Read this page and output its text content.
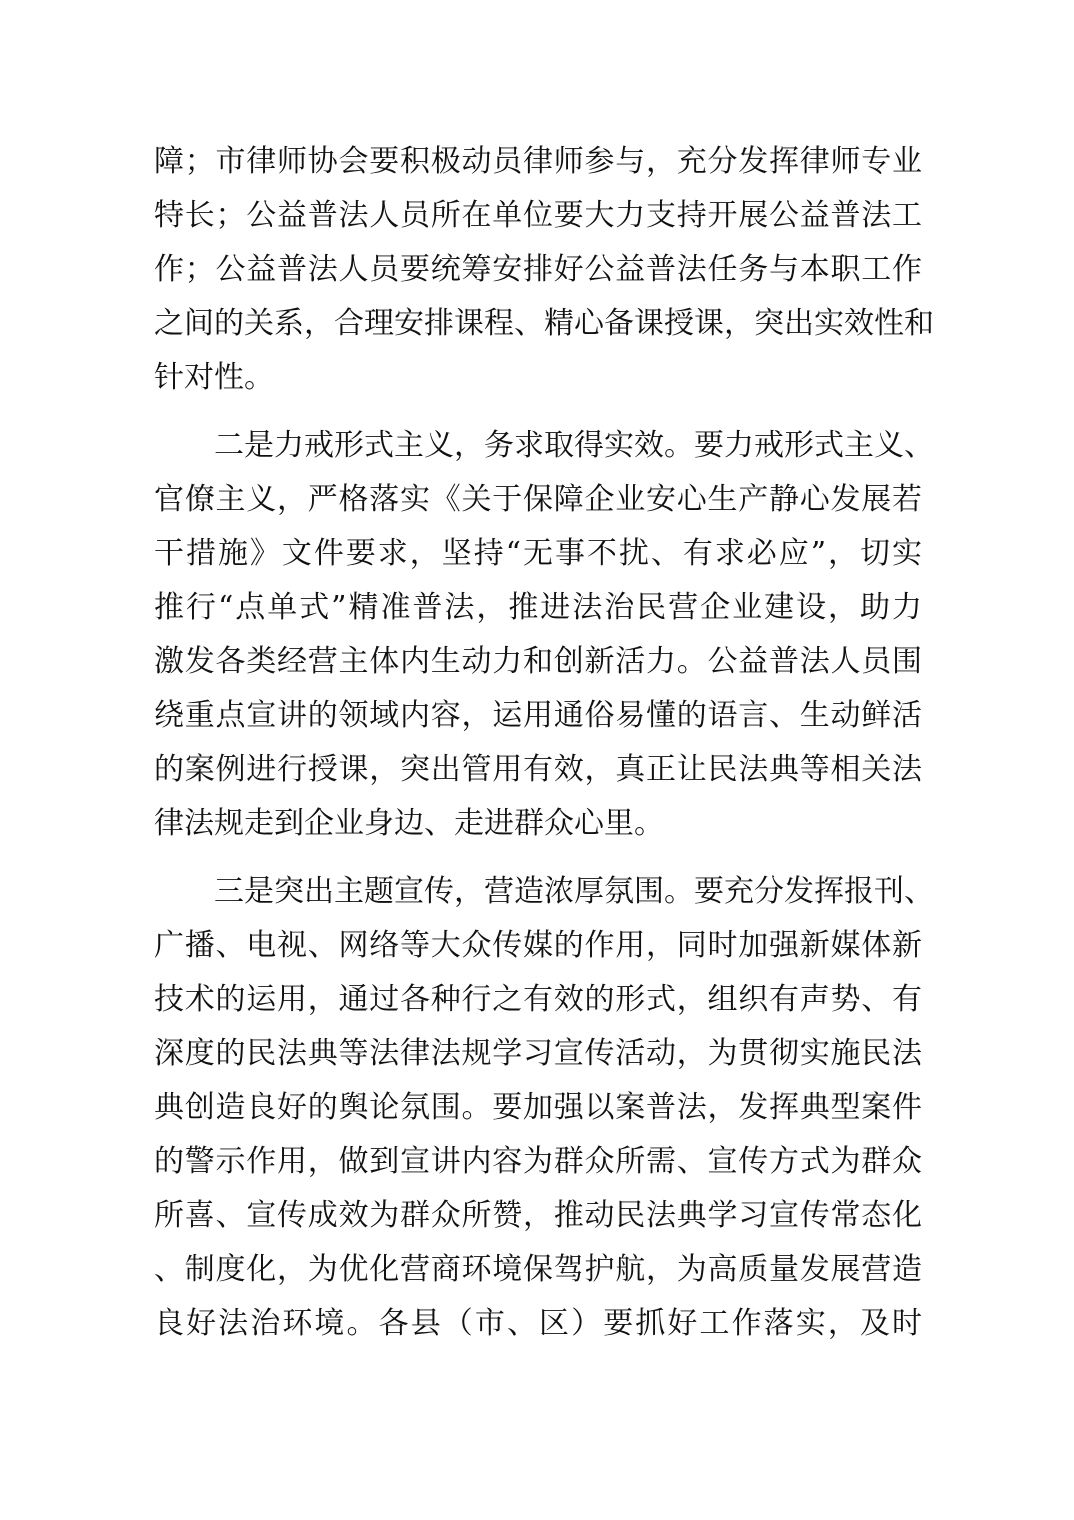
障；市律师协会要积极动员律师参与，充分发挥律师专业
特长；公益普法人员所在单位要大力支持开展公益普法工
作；公益普法人员要统筹安排好公益普法任务与本职工作
之间的关系，合理安排课程、精心备课授课，突出实效性和
针对性。
　　二是力戒形式主义，务求取得实效。要力戒形式主义、
官僚主义，严格落实《关于保障企业安心生产静心发展若
干措施》文件要求，坚持“无事不扰、有求必应”，切实
推行“点单式”精准普法，推进法治民营企业建设，助力
激发各类经营主体内生动力和创新活力。公益普法人员围
绕重点宣讲的领域内容，运用通俗易懂的语言、生动鲜活
的案例进行授课，突出管用有效，真正让民法典等相关法
律法规走到企业身边、走进群众心里。
　　三是突出主题宣传，营造浓厚氛围。要充分发挥报刊、
广播、电视、网络等大众传媒的作用，同时加强新媒体新
技术的运用，通过各种行之有效的形式，组织有声势、有
深度的民法典等法律法规学习宣传活动，为贯彻实施民法
典创造良好的舆论氛围。要加强以案普法，发挥典型案件
的警示作用，做到宣讲内容为群众所需、宣传方式为群众
所喜、宣传成效为群众所赞，推动民法典学习宣传常态化
、制度化，为优化营商环境保驾护航，为高质量发展营造
良好法治环境。各县（市、区）要抓好工作落实，及时
